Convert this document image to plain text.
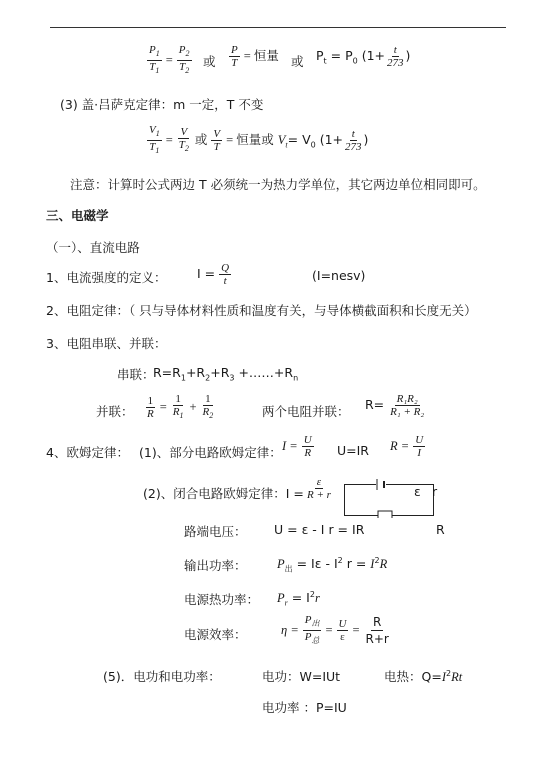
$\frac{P_1}{T_1} = \frac{P_2}{T_2}$ 或 $\frac{P}{T}$ = 恒量 或 $P_t = P_0$ ($1+ \frac{t}{273}$ )
(3) 盖·吕萨克定律：m 一定，T 不变
$\frac{V_1}{T_1} = \frac{V}{T_2}$ 或 $\frac{V}{T}$ = 恒量或 $V_t= V_0$ ($1+ \frac{t}{273}$ )
注意：计算时公式两边 T 必须统一为热力学单位，其它两边单位相同即可。
三、电磁学
（一）、直流电路
1、电流强度的定义： $I = \frac{Q}{t}$	(I=nesv)
2、电阻定律：（ 只与导体材料性质和温度有关，与导体横截面积和长度无关）
3、电阻串联、并联：
串联：
$R=R_1+R_2+R_3$ $+\dots\dots+R_n$
并联： $\frac{1}{R} = \frac{1}{R_1} + \frac{1}{R_2}$	两个电阻并联： $R= \frac{\text{R₁R₂}}{\text{R₁ + R₂}}$
4、欧姆定律： (1)、部分电路欧姆定律： $I = \frac{U}{R} U=IR$ $R = \frac{U}{I}$
(2)、闭合电路欧姆定律：$I = \frac{\varepsilon}{R + r}$	ε r
路端电压： U = ε - I r = IR	R
输出功率： $P_出 = I\varepsilon - I^2$ $r = I^2R$
电源热功率： $P_r = I^2r$
电源效率：	$\eta = \frac{P_出}{P_总} = \frac{U}{\varepsilon} = \frac{R}{R+r}$
(5)．电功和电功率：	电功：W=IUt	电热：$Q=I^2Rt$
电功率 ：P=IU
